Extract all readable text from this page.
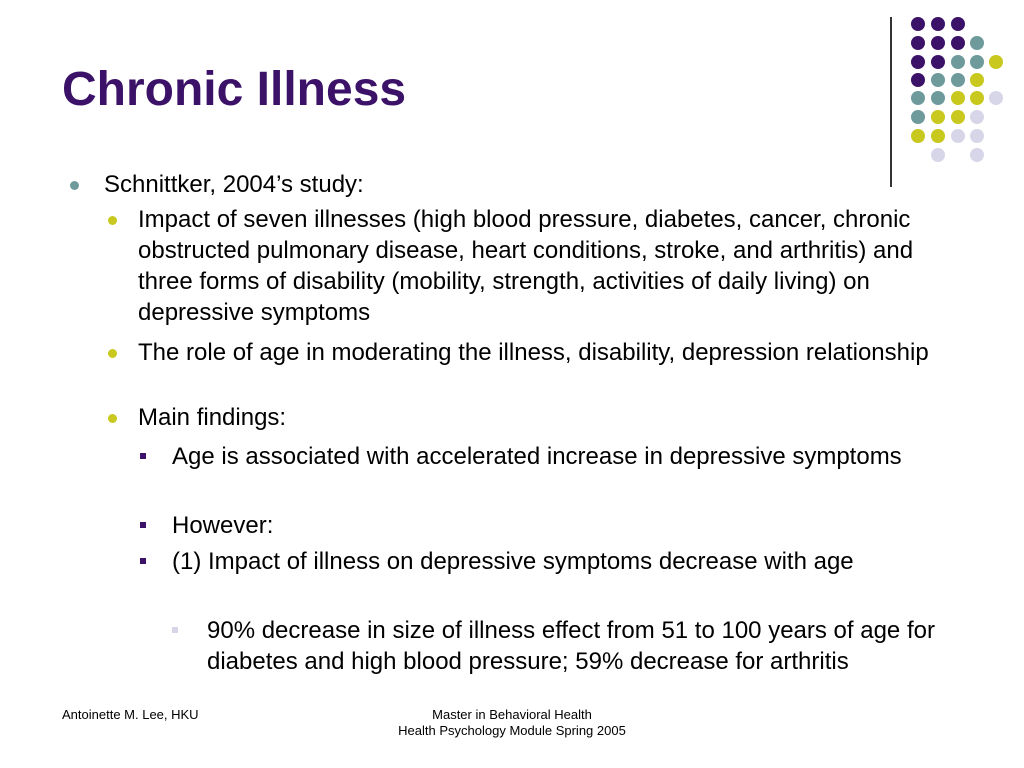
Chronic Illness
Schnittker, 2004’s study:
Impact of seven illnesses (high blood pressure, diabetes, cancer, chronic obstructed pulmonary disease, heart conditions, stroke, and arthritis) and three forms of disability (mobility, strength, activities of daily living) on depressive symptoms
The role of age in moderating the illness, disability, depression relationship
Main findings:
Age is associated with accelerated increase in depressive symptoms
However:
(1) Impact of illness on depressive symptoms decrease with age
90% decrease in size of illness effect from 51 to 100 years of age for diabetes and high blood pressure; 59% decrease for arthritis
Antoinette M. Lee, HKU	Master in Behavioral Health
Health Psychology Module Spring 2005
